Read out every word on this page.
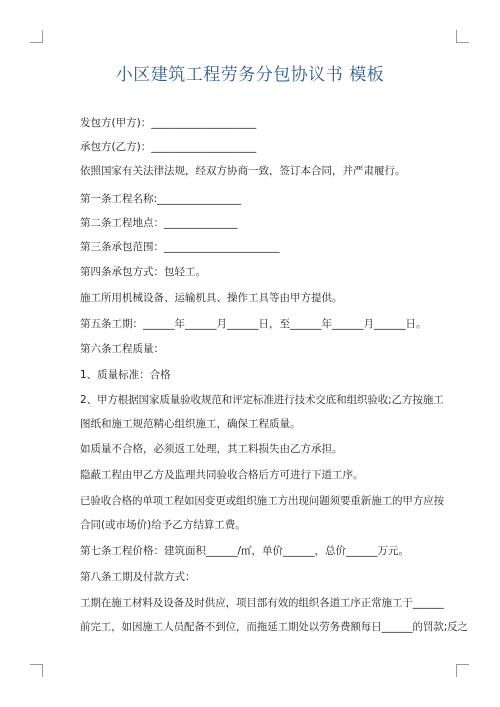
小区建筑工程劳务分包协议书 模板
发包方(甲方)：____________________
承包方(乙方)：____________________
依照国家有关法律法规，经双方协商一致，签订本合同，并严肃履行。
第一条工程名称:________________
第二条工程地点：______________
第三条承包范围：______________________
第四条承包方式：包轻工。
施工所用机械设备、运输机具、操作工具等由甲方提供。
第五条工期：______年______月______日，至______年______月______日。
第六条工程质量：
1、质量标准：合格
2、甲方根据国家质量验收规范和评定标准进行技术交底和组织验收;乙方按施工
图纸和施工规范精心组织施工，确保工程质量。
如质量不合格，必须返工处理，其工料损失由乙方承担。
隐蔽工程由甲乙方及监理共同验收合格后方可进行下道工序。
已验收合格的单项工程如因变更或组织施工方出现问题须要重新施工的甲方应按
合同(或市场价)给予乙方结算工费。
第七条工程价格：建筑面积______/㎡，单价______，总价______万元。
第八条工期及付款方式：
工期在施工材料及设备及时供应，项目部有效的组织各道工序正常施工于______
前完工，如因施工人员配备不到位，而拖延工期处以劳务费额每日______的罚款;反之
